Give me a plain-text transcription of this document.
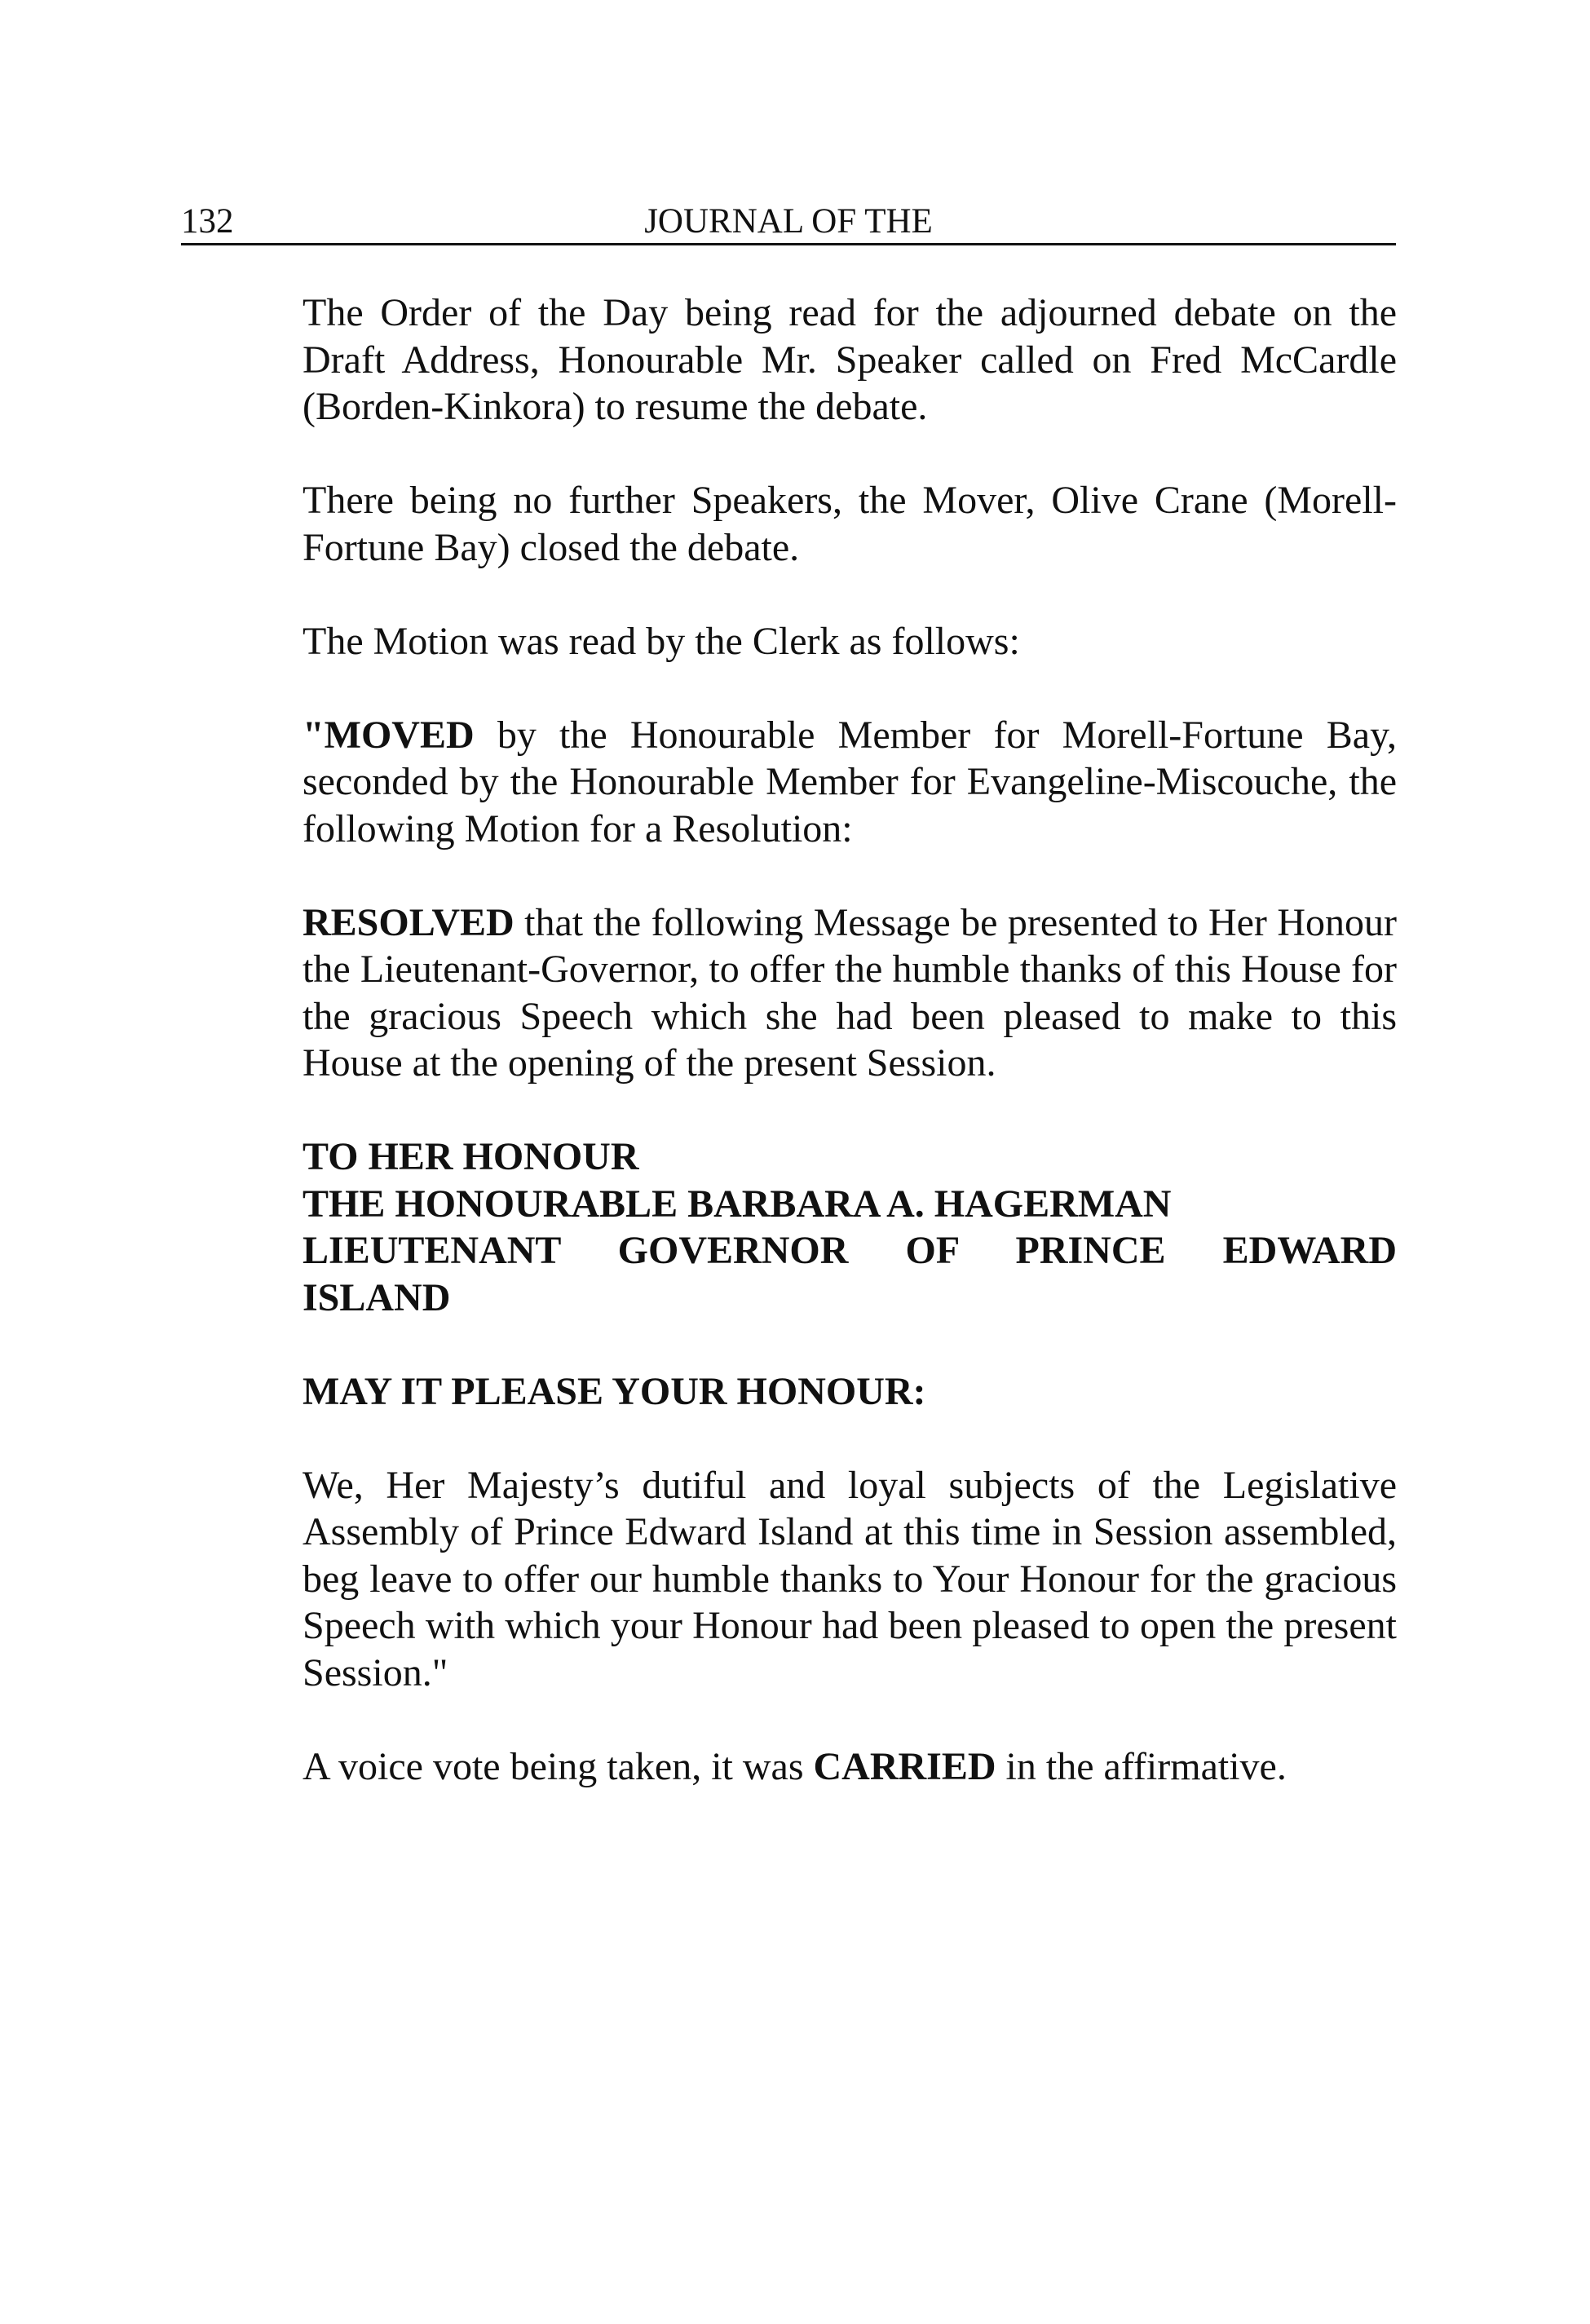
132	JOURNAL OF THE

The Order of the Day being read for the adjourned debate on the Draft Address, Honourable Mr. Speaker called on Fred McCardle (Borden-Kinkora) to resume the debate.

There being no further Speakers, the Mover, Olive Crane (Morell-Fortune Bay) closed the debate.

The Motion was read by the Clerk as follows:

"MOVED by the Honourable Member for Morell-Fortune Bay, seconded by the Honourable Member for Evangeline-Miscouche, the following Motion for a Resolution:

RESOLVED that the following Message be presented to Her Honour the Lieutenant-Governor, to offer the humble thanks of this House for the gracious Speech which she had been pleased to make to this House at the opening of the present Session.

TO HER HONOUR
THE HONOURABLE BARBARA A. HAGERMAN
LIEUTENANT GOVERNOR OF PRINCE EDWARD
ISLAND

MAY IT PLEASE YOUR HONOUR:

We, Her Majesty’s dutiful and loyal subjects of the Legislative Assembly of Prince Edward Island at this time in Session assembled, beg leave to offer our humble thanks to Your Honour for the gracious Speech with which your Honour had been pleased to open the present Session."

A voice vote being taken, it was CARRIED in the affirmative.
